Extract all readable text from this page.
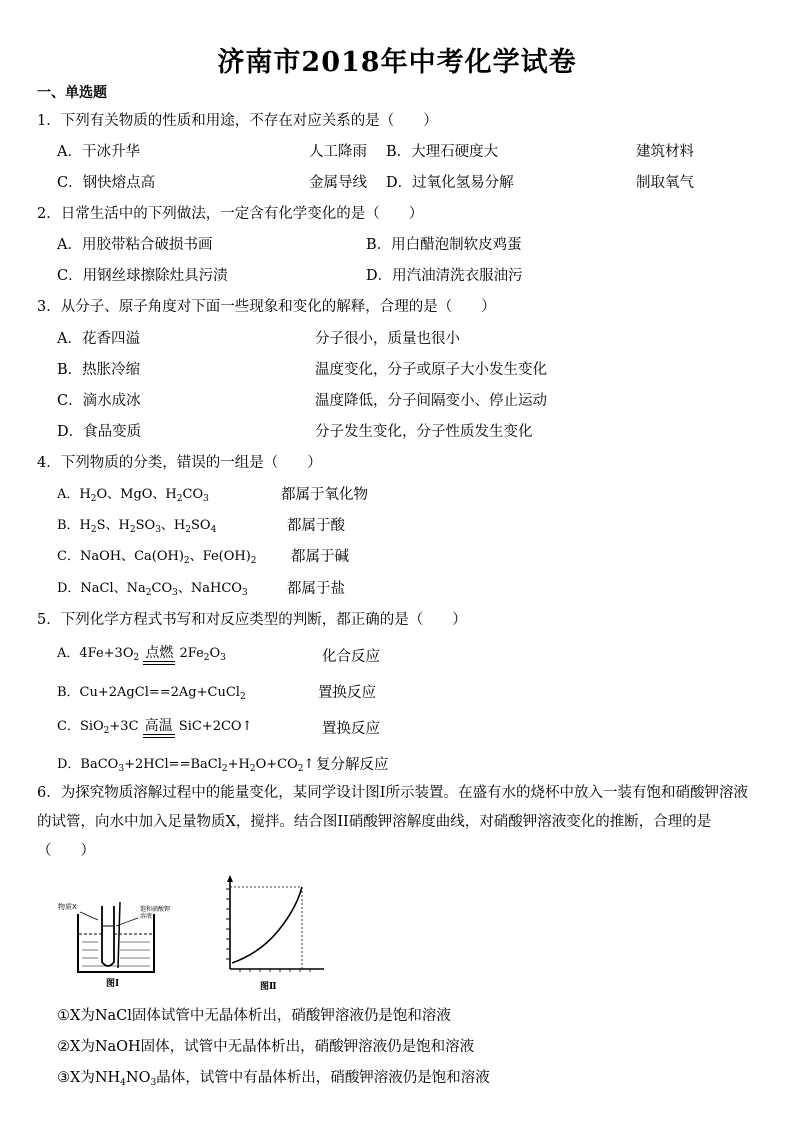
济南市2018年中考化学试卷
一、单选题
1．下列有关物质的性质和用途，不存在对应关系的是（　　）
A．干冰升华	人工降雨 B．大理石硬度大	建筑材料
C．钢快熔点高	金属导线 D．过氧化氢易分解	制取氧气
2．日常生活中的下列做法，一定含有化学变化的是（　　）
A．用胶带粘合破损书画	B．用白醋泡制软皮鸡蛋
C．用钢丝球擦除灶具污渍	D．用汽油清洗衣服油污
3．从分子、原子角度对下面一些现象和变化的解释，合理的是（　　）
A．花香四溢	分子很小，质量也很小
B．热胀冷缩	温度变化，分子或原子大小发生变化
C．滴水成冰	温度降低，分子间隔变小、停止运动
D．食品变质	分子发生变化，分子性质发生变化
4．下列物质的分类，错误的一组是（　　）
A．$H_2O$、MgO、$H_2CO_3$	都属于氧化物
B．$H_2S$、$H_2SO_3$、$H_2SO_4$	都属于酸
C．NaOH、$Ca(OH)_2$、$Fe(OH)_2$ 都属于碱
D．NaCl、$Na_2CO_3$、NaHCO$_3$	都属于盐
5．下列化学方程式书写和对反应类型的判断，都正确的是（　　）
A．$4Fe+3O_2$ 点燃 $2Fe_2O_3$	化合反应
B．Cu+2AgCl==2Ag+CuCl$_2$	置换反应
C．SiO$_2$+3C 高温 SiC+2CO↑	置换反应
D．$BaCO_3+2HCl==BaCl_2+H_2O+CO_2↑$ 复分解反应
6．为探究物质溶解过程中的能量变化，某同学设计图Ⅰ所示装置。在盛有水的烧杯中放入一装有饱和硝酸钾溶液的试管，向水中加入足量物质X，搅拌。结合图II硝酸钾溶解度曲线，对硝酸钾溶液变化的推断，合理的是（　　）
物质X	饱和硝酸钾溶液
图Ⅰ	图Ⅱ
①X为NaCl固体试管中无晶体析出，硝酸钾溶液仍是饱和溶液
②X为NaOH固体，试管中无晶体析出，硝酸钾溶液仍是饱和溶液
③X为$NH_4NO_3$晶体，试管中有晶体析出，硝酸钾溶液仍是饱和溶液
